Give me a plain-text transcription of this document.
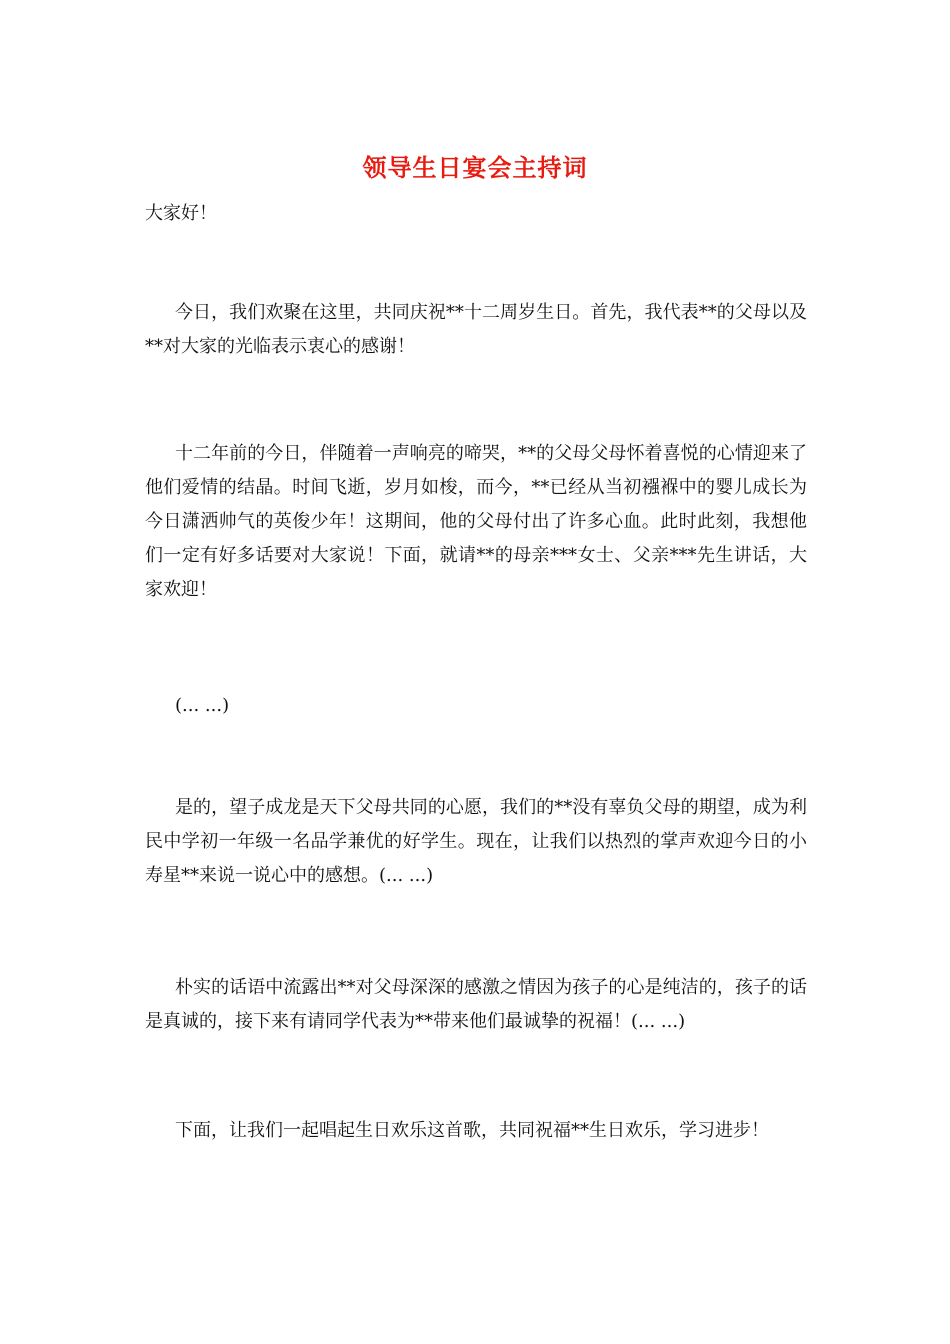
领导生日宴会主持词
大家好！

今日，我们欢聚在这里，共同庆祝**十二周岁生日。首先，我代表**的父母以及**对大家的光临表示衷心的感谢！

十二年前的今日，伴随着一声响亮的啼哭，**的父母父母怀着喜悦的心情迎来了他们爱情的结晶。时间飞逝，岁月如梭，而今，**已经从当初襁褓中的婴儿成长为今日潇洒帅气的英俊少年！这期间，他的父母付出了许多心血。此时此刻，我想他们一定有好多话要对大家说！下面，就请**的母亲***女士、父亲***先生讲话，大家欢迎！

(... ...)

是的，望子成龙是天下父母共同的心愿，我们的**没有辜负父母的期望，成为利民中学初一年级一名品学兼优的好学生。现在，让我们以热烈的掌声欢迎今日的小寿星**来说一说心中的感想。(... ...)

朴实的话语中流露出**对父母深深的感激之情因为孩子的心是纯洁的，孩子的话是真诚的，接下来有请同学代表为**带来他们最诚挚的祝福！(... ...)

下面，让我们一起唱起生日欢乐这首歌，共同祝福**生日欢乐，学习进步！
